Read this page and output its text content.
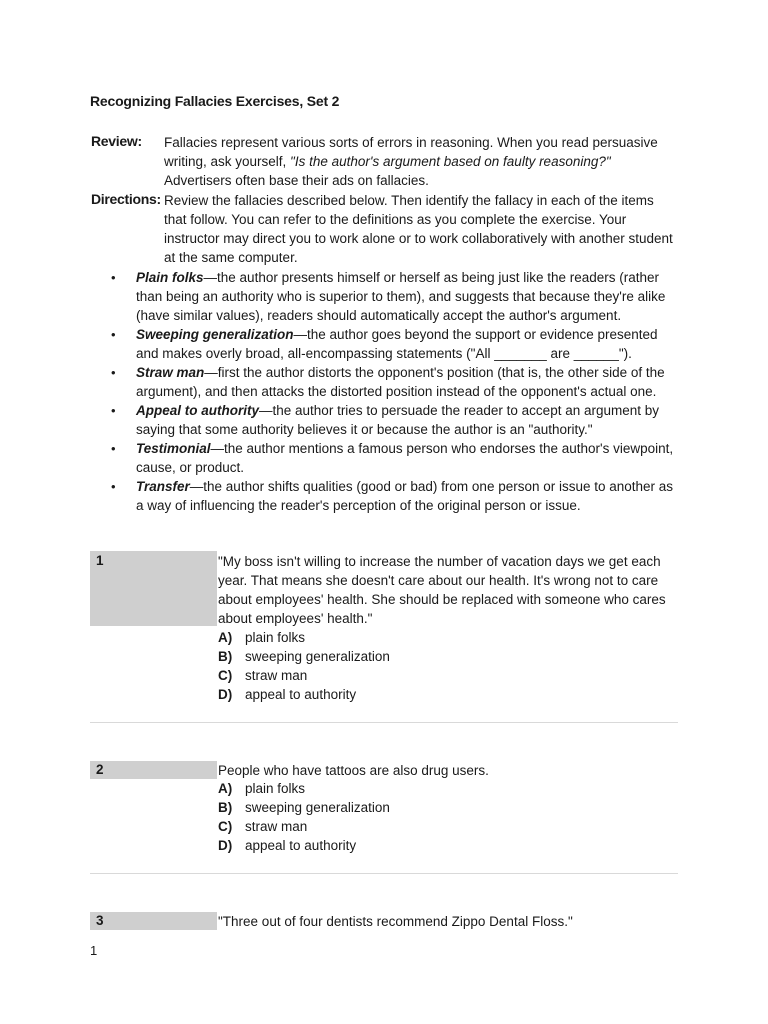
Recognizing Fallacies Exercises, Set 2
Review: Fallacies represent various sorts of errors in reasoning. When you read persuasive writing, ask yourself, "Is the author's argument based on faulty reasoning?" Advertisers often base their ads on fallacies.
Directions: Review the fallacies described below. Then identify the fallacy in each of the items that follow. You can refer to the definitions as you complete the exercise. Your instructor may direct you to work alone or to work collaboratively with another student at the same computer.
• Plain folks—the author presents himself or herself as being just like the readers (rather than being an authority who is superior to them), and suggests that because they're alike (have similar values), readers should automatically accept the author's argument.
• Sweeping generalization—the author goes beyond the support or evidence presented and makes overly broad, all-encompassing statements ("All _______ are ______").
• Straw man—first the author distorts the opponent's position (that is, the other side of the argument), and then attacks the distorted position instead of the opponent's actual one.
• Appeal to authority—the author tries to persuade the reader to accept an argument by saying that some authority believes it or because the author is an "authority."
• Testimonial—the author mentions a famous person who endorses the author's viewpoint, cause, or product.
• Transfer—the author shifts qualities (good or bad) from one person or issue to another as a way of influencing the reader's perception of the original person or issue.
1	"My boss isn't willing to increase the number of vacation days we get each year. That means she doesn't care about our health. It's wrong not to care about employees' health. She should be replaced with someone who cares about employees' health."
A) plain folks
B) sweeping generalization
C) straw man
D) appeal to authority
2	People who have tattoos are also drug users.
A) plain folks
B) sweeping generalization
C) straw man
D) appeal to authority
3	"Three out of four dentists recommend Zippo Dental Floss."
1
